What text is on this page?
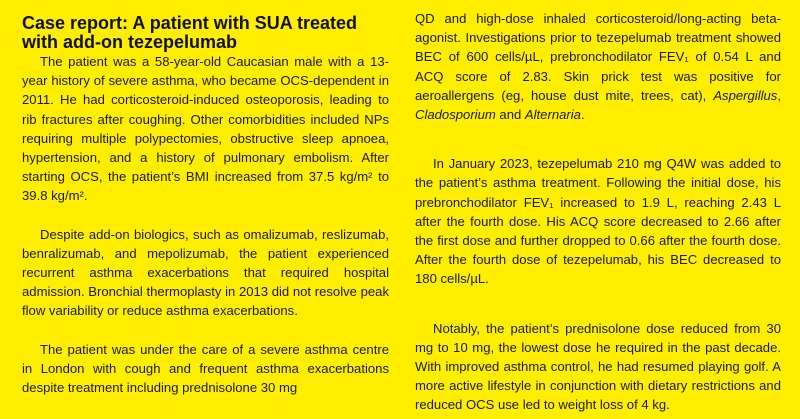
Case report: A patient with SUA treated with add-on tezepelumab

The patient was a 58-year-old Caucasian male with a 13-year history of severe asthma, who became OCS-dependent in 2011. He had corticosteroid-induced osteoporosis, leading to rib fractures after coughing. Other comorbidities included NPs requiring multiple polypectomies, obstructive sleep apnoea, hypertension, and a history of pulmonary embolism. After starting OCS, the patient’s BMI increased from 37.5 kg/m² to 39.8 kg/m².

Despite add-on biologics, such as omalizumab, reslizumab, benralizumab, and mepolizumab, the patient experienced recurrent asthma exacerbations that required hospital admission. Bronchial thermoplasty in 2013 did not resolve peak flow variability or reduce asthma exacerbations.

The patient was under the care of a severe asthma centre in London with cough and frequent asthma exacerbations despite treatment including prednisolone 30 mg

QD and high-dose inhaled corticosteroid/long-acting beta-agonist. Investigations prior to tezepelumab treatment showed BEC of 600 cells/µL, prebronchodilator FEV₁ of 0.54 L and ACQ score of 2.83. Skin prick test was positive for aeroallergens (eg, house dust mite, trees, cat), Aspergillus, Cladosporium and Alternaria.

In January 2023, tezepelumab 210 mg Q4W was added to the patient’s asthma treatment. Following the initial dose, his prebronchodilator FEV₁ increased to 1.9 L, reaching 2.43 L after the fourth dose. His ACQ score decreased to 2.66 after the first dose and further dropped to 0.66 after the fourth dose. After the fourth dose of tezepelumab, his BEC decreased to 180 cells/µL.

Notably, the patient’s prednisolone dose reduced from 30 mg to 10 mg, the lowest dose he required in the past decade. With improved asthma control, he had resumed playing golf. A more active lifestyle in conjunction with dietary restrictions and reduced OCS use led to weight loss of 4 kg.
